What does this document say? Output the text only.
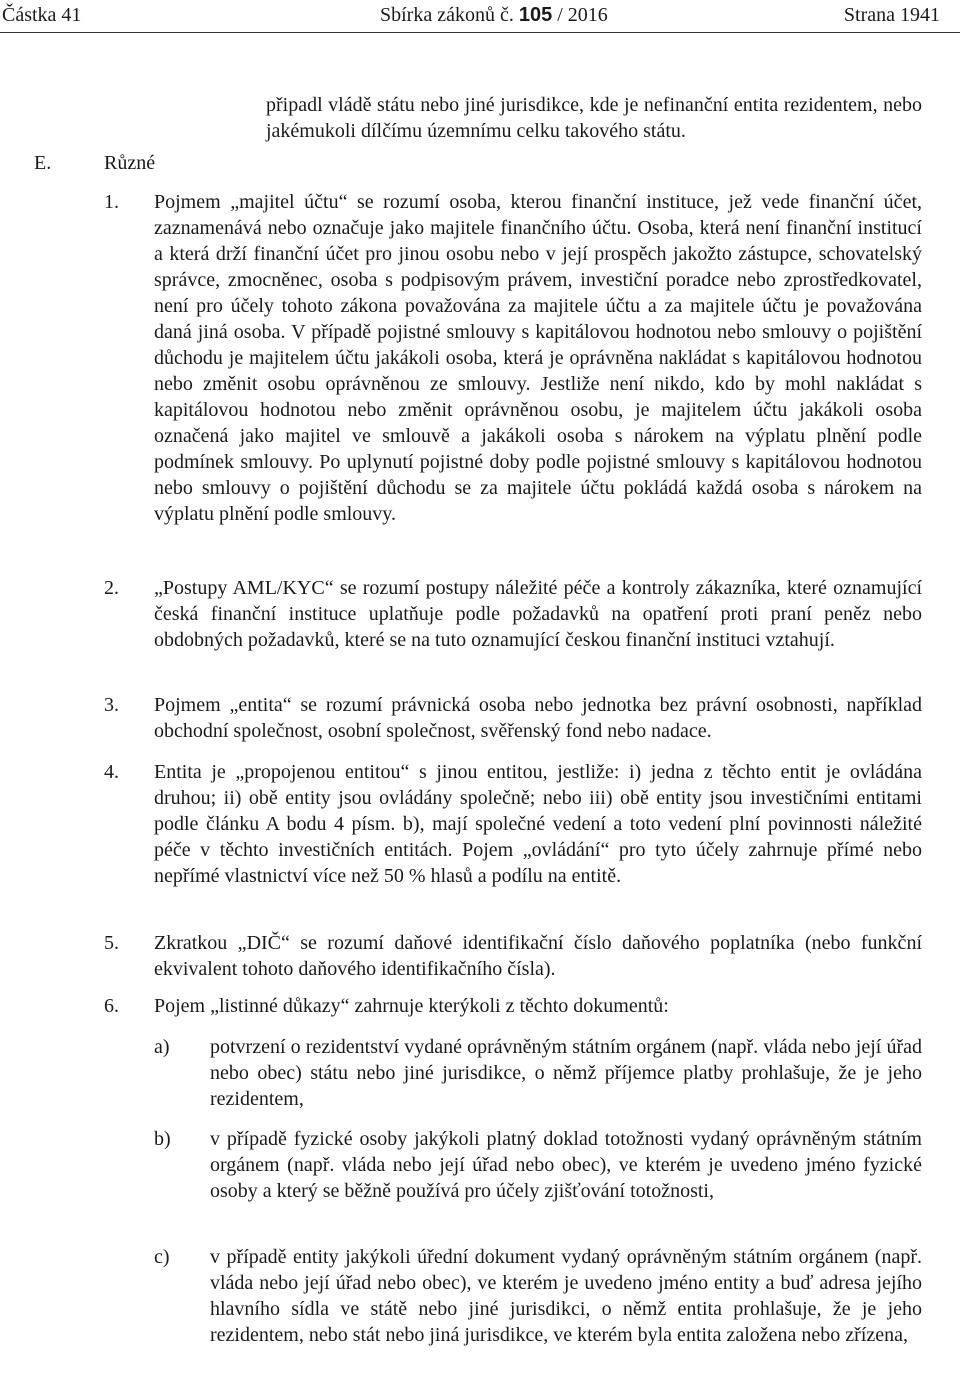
Částka 41	Sbírka zákonů č. 105 / 2016	Strana 1941
připadl vládě státu nebo jiné jurisdikce, kde je nefinanční entita rezidentem, nebo jakémukoli dílčímu územnímu celku takového státu.
E.	Různé
1. Pojmem „majitel účtu“ se rozumí osoba, kterou finanční instituce, jež vede finanční účet, zaznamenává nebo označuje jako majitele finančního účtu. Osoba, která není finanční institucí a která drží finanční účet pro jinou osobu nebo v její prospěch jakožto zástupce, schovatelský správce, zmocněnec, osoba s podpisovým právem, investiční poradce nebo zprostředkovatel, není pro účely tohoto zákona považována za majitele účtu a za majitele účtu je považována daná jiná osoba. V případě pojistné smlouvy s kapitálovou hodnotou nebo smlouvy o pojištění důchodu je majitelem účtu jakákoli osoba, která je oprávněna nakládat s kapitálovou hodnotou nebo změnit osobu oprávněnou ze smlouvy. Jestliže není nikdo, kdo by mohl nakládat s kapitálovou hodnotou nebo změnit oprávněnou osobu, je majitelem účtu jakákoli osoba označená jako majitel ve smlouvě a jakákoli osoba s nárokem na výplatu plnění podle podmínek smlouvy. Po uplynutí pojistné doby podle pojistné smlouvy s kapitálovou hodnotou nebo smlouvy o pojištění důchodu se za majitele účtu pokládá každá osoba s nárokem na výplatu plnění podle smlouvy.
2. „Postupy AML/KYC“ se rozumí postupy náležité péče a kontroly zákazníka, které oznamující česká finanční instituce uplatňuje podle požadavků na opatření proti praní peněz nebo obdobných požadavků, které se na tuto oznamující českou finanční instituci vztahují.
3. Pojmem „entita“ se rozumí právnická osoba nebo jednotka bez právní osobnosti, například obchodní společnost, osobní společnost, svěřenský fond nebo nadace.
4. Entita je „propojenou entitou“ s jinou entitou, jestliže: i) jedna z těchto entit je ovládána druhou; ii) obě entity jsou ovládány společně; nebo iii) obě entity jsou investičními entitami podle článku A bodu 4 písm. b), mají společné vedení a toto vedení plní povinnosti náležité péče v těchto investičních entitách. Pojem „ovládání“ pro tyto účely zahrnuje přímé nebo nepřímé vlastnictví více než 50 % hlasů a podílu na entitě.
5. Zkratkou „DIČ“ se rozumí daňové identifikační číslo daňového poplatníka (nebo funkční ekvivalent tohoto daňového identifikačního čísla).
6. Pojem „listinné důkazy“ zahrnuje kterýkoli z těchto dokumentů:
a) potvrzení o rezidentství vydané oprávněným státním orgánem (např. vláda nebo její úřad nebo obec) státu nebo jiné jurisdikce, o němž příjemce platby prohlašuje, že je jeho rezidentem,
b) v případě fyzické osoby jakýkoli platný doklad totožnosti vydaný oprávněným státním orgánem (např. vláda nebo její úřad nebo obec), ve kterém je uvedeno jméno fyzické osoby a který se běžně používá pro účely zjišťování totožnosti,
c) v případě entity jakýkoli úřední dokument vydaný oprávněným státním orgánem (např. vláda nebo její úřad nebo obec), ve kterém je uvedeno jméno entity a buď adresa jejího hlavního sídla ve státě nebo jiné jurisdikci, o němž entita prohlašuje, že je jeho rezidentem, nebo stát nebo jiná jurisdikce, ve kterém byla entita založena nebo zřízena,
